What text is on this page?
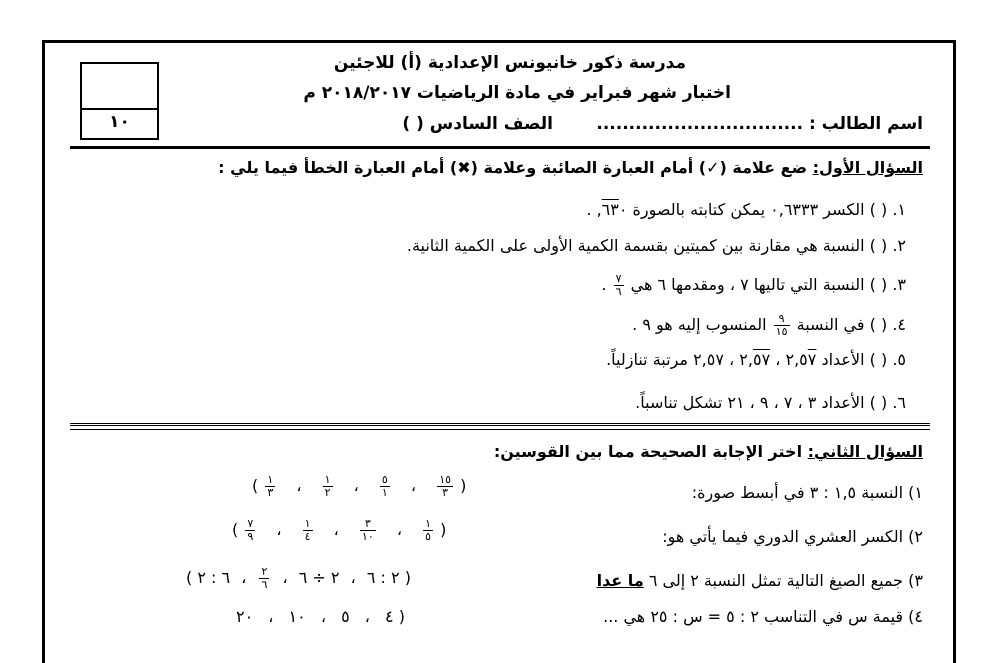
١٠
مدرسة ذكور خانيونس الإعدادية (أ) للاجئين
اختبار شهر فبراير في مادة الرياضيات ٢٠١٨/٢٠١٧ م
اسم الطالب : ................................
الصف السادس ( )
السؤال الأول: ضع علامة (✓) أمام العبارة الصائبة وعلامة (✖) أمام العبارة الخطأ فيما يلي :
١. ( ) الكسر ٠,٦٣٣٣ يمكن كتابته بالصورة ٦٣٠, .
٢. ( ) النسبة هي مقارنة بين كميتين بقسمة الكمية الأولى على الكمية الثانية.
٣. ( ) النسبة التي تاليها ٧ ، ومقدمها ٦ هي
$\frac{٧}{٦}$
.
٤. ( ) في النسبة
$\frac{٩}{١٥}$
المنسوب إليه هو ٩ .
٥. ( ) الأعداد ٢,٥٧ ، ٢,٥٧ ، ٢,٥٧ مرتبة تنازلياً.
٦. ( ) الأعداد ٣ ، ٧ ، ٩ ، ٢١ تشكل تناسباً.
السؤال الثاني: اختر الإجابة الصحيحة مما بين القوسين:
١) النسبة ١,٥ : ٣ في أبسط صورة:
(
$\frac{١٥}{٣}$
،
$\frac{٥}{١}$
،
$\frac{١}{٢}$
،
$\frac{١}{٣}$
)
٢) الكسر العشري الدوري فيما يأتي هو:
(
$\frac{١}{٥}$
،
$\frac{٣}{١٠}$
،
$\frac{١}{٤}$
،
$\frac{٧}{٩}$
)
٣) جميع الصيغ التالية تمثل النسبة ٢ إلى ٦ ما عدا
( ٢ : ٦ ، ٢ ÷ ٦ ،
$\frac{٢}{٦}$
، ٦ : ٢ )
٤) قيمة س في التناسب ٢ : ٥ = س : ٢٥ هي ...
( ٤ ، ٥ ، ١٠ ، ٢٠
